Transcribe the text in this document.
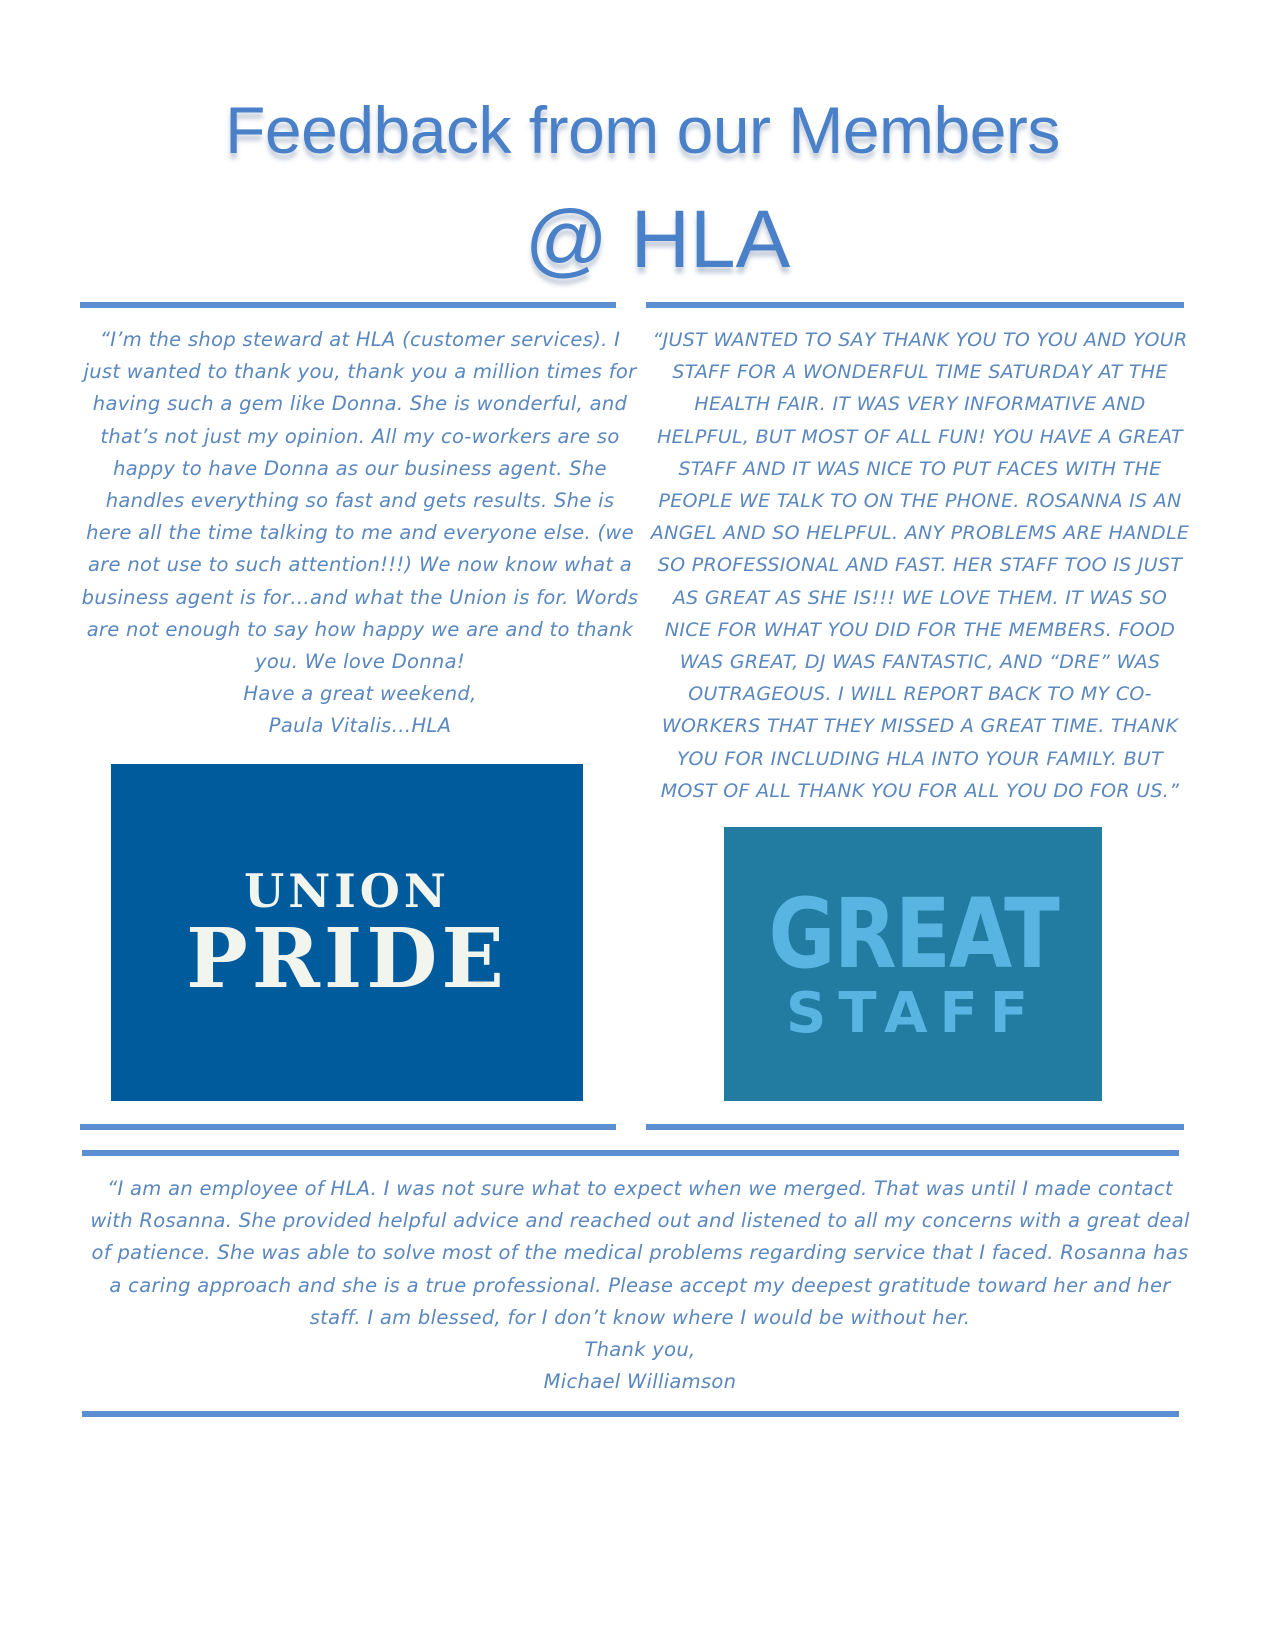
Feedback from our Members
@ HLA

“I’m the shop steward at HLA (customer services). I just wanted to thank you, thank you a million times for having such a gem like Donna. She is wonderful, and that’s not just my opinion. All my co-workers are so happy to have Donna as our business agent. She handles everything so fast and gets results. She is here all the time talking to me and everyone else. (we are not use to such attention!!!) We now know what a business agent is for…and what the Union is for. Words are not enough to say how happy we are and to thank you. We love Donna!

Have a great weekend,

Paula Vitalis…HLA

“JUST WANTED TO SAY THANK YOU TO YOU AND YOUR STAFF FOR A WONDERFUL TIME SATURDAY AT THE HEALTH FAIR. IT WAS VERY INFORMATIVE AND HELPFUL, BUT MOST OF ALL FUN! YOU HAVE A GREAT STAFF AND IT WAS NICE TO PUT FACES WITH THE PEOPLE WE TALK TO ON THE PHONE. ROSANNA IS AN ANGEL AND SO HELPFUL. ANY PROBLEMS ARE HANDLE SO PROFESSIONAL AND FAST. HER STAFF TOO IS JUST AS GREAT AS SHE IS!!! WE LOVE THEM. IT WAS SO NICE FOR WHAT YOU DID FOR THE MEMBERS. FOOD WAS GREAT, DJ WAS FANTASTIC, AND “DRE” WAS OUTRAGEOUS. I WILL REPORT BACK TO MY CO-WORKERS THAT THEY MISSED A GREAT TIME. THANK YOU FOR INCLUDING HLA INTO YOUR FAMILY. BUT MOST OF ALL THANK YOU FOR ALL YOU DO FOR US.”

UNION
PRIDE	GREAT
STAFF

“I am an employee of HLA. I was not sure what to expect when we merged. That was until I made contact with Rosanna. She provided helpful advice and reached out and listened to all my concerns with a great deal of patience. She was able to solve most of the medical problems regarding service that I faced. Rosanna has a caring approach and she is a true professional. Please accept my deepest gratitude toward her and her staff. I am blessed, for I don’t know where I would be without her.

Thank you,

Michael Williamson
